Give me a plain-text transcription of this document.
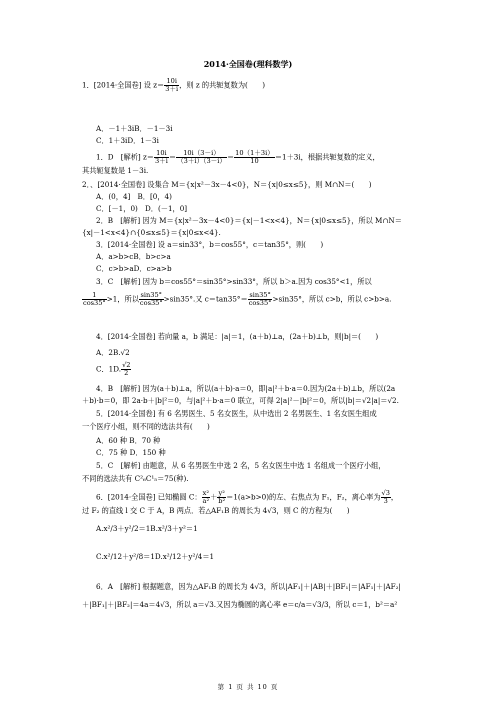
2014·全国卷(理科数学)
1．[2014·全国卷] 设 $z= \frac{10i}{3+i}$ ，则 z 的共轭复数为(　　)
A．－1＋3iB．－1－3i
C．1＋3iD．1－3i
1．D　[解析] $z= \frac{10i}{3+i} = \frac{10i(3-i)}{(3+i)(3-i)} = \frac{10(1+3i)}{10} =1+3i$，根据共轭复数的定义，
其共轭复数是 1－3i.
2．、[2014·全国卷] 设集合 M＝{x|x²－3x－4<0}，N＝{x|0≤x≤5}，则 M∩N＝(　　)
A．(0，4]　B．[0，4)
C．[－1，0)　D．(－1，0]
2．B　[解析] 因为 M＝{x|x²－3x－4<0}＝{x|－1<x<4}，N＝{x|0≤x≤5}，所以 M∩N＝
{x|－1<x<4}∩{0≤x≤5}＝{x|0≤x<4}.
3．[2014·全国卷] 设 a＝sin33°，b＝cos55°，c＝tan35°，则(　　)
A．a>b>cB．b>c>a
C．c>b>aD．c>a>b
3．C　[解析] 因为 b＝cos55°＝sin35°>sin33°，所以 b＞a.因为 cos35°<1，所以
$\frac{1}{\cos 35^\circ} >1$，所以 $\frac{\sin 35^\circ}{\cos 35^\circ} >\sin 35^\circ$.又 $c=\tan 35^\circ= \frac{\sin 35^\circ}{\cos 35^\circ} >\sin 35^\circ$，所以 c>b，所以 c>b>a.
4．[2014·全国卷] 若向量 a，b 满足：|a|＝1，(a＋b)⊥a，(2a＋b)⊥b，则|b|＝(　　)
A．2B.√2
C．1D. $\frac{√2}{2}$
4．B　[解析] 因为(a＋b)⊥a，所以(a＋b)·a＝0，即|a|²＋b·a＝0.因为(2a＋b)⊥b，所以(2a
＋b)·b＝0，即 2a·b＋|b|²＝0，与|a|²＋b·a＝0 联立，可得 2|a|²－|b|²＝0，所以|b|＝√2|a|＝√2.
5．[2014·全国卷] 有 6 名男医生、5 名女医生，从中选出 2 名男医生、1 名女医生组成
一个医疗小组，则不同的选法共有(　　)
A．60 种 B．70 种
C．75 种 D．150 种
5．C　[解析] 由题意，从 6 名男医生中选 2 名，5 名女医生中选 1 名组成一个医疗小组，
不同的选法共有 C²₆C¹₅＝75(种).
6．[2014·全国卷] 已知椭圆 C： $\frac{\text{x²}}{\text{a²}} + \frac{\text{y²}}{\text{b²}} =1(a>b>0)$的左、右焦点为 F₁，F₂，离心率为 $\frac{√3}{3}$ ，
过 F₂ 的直线 l 交 C 于 A，B 两点．若△AF₁B 的周长为 4√3，则 C 的方程为(　　)
A.x²/3＋y²/2＝1B.x²/3＋y²＝1
C.x²/12＋y²/8＝1D.x²/12＋y²/4＝1
6．A　[解析] 根据题意，因为△AF₁B 的周长为 4√3，所以|AF₁|＋|AB|＋|BF₁|＝|AF₁|＋|AF₂|
＋|BF₁|＋|BF₂|＝4a＝4√3，所以 a＝√3.又因为椭圆的离心率 e＝c/a＝√3/3，所以 c＝1，b²＝a²
第 1 页 共 10 页
